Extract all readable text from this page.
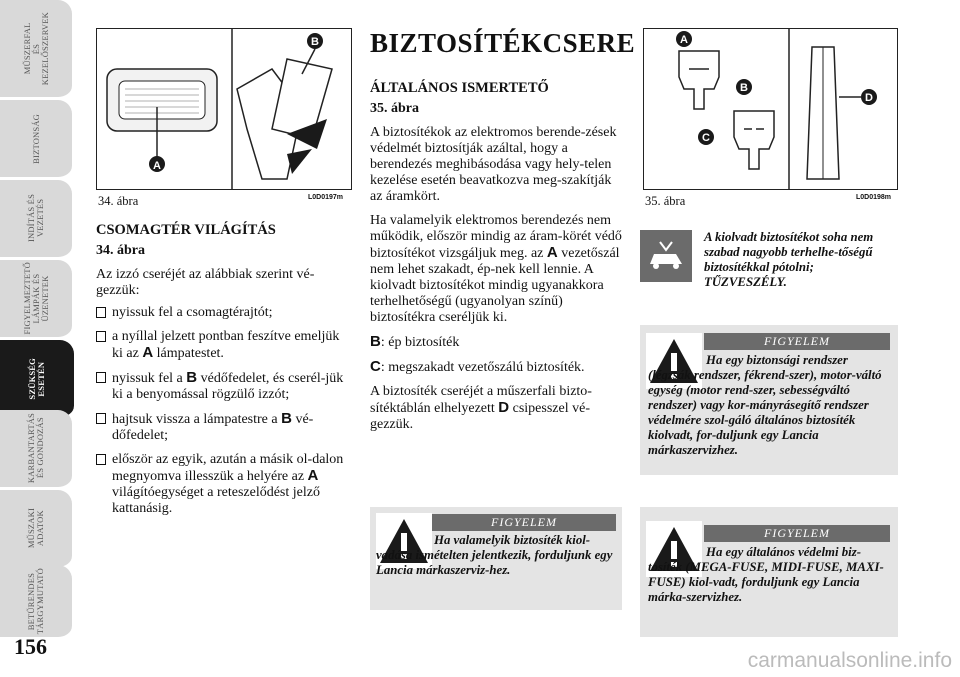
MŰSZERFAL
ÉS
KEZELŐSZERVEK
BIZTONSÁG
INDÍTÁS ÉS
VEZETÉS
FIGYELMEZTETŐ
LÁMPÁK ÉS
ÜZENETEK
SZÜKSÉG
ESETÉN
KARBANTARTÁS
ÉS GONDOZÁS
MŰSZAKI
ADATOK
BETŰRENDES
TÁRGYMUTATÓ
156
A
B
34. ábra	L0D0197m
A
B
C
D
35. ábra	L0D0198m
CSOMAGTÉR VILÁGÍTÁS
34. ábra
Az izzó cseréjét az alábbiak szerint vé-gezzük:
nyissuk fel a csomagtérajtót;
a nyíllal jelzett pontban feszítve emeljük ki az A lámpatestet.
nyissuk fel a B védőfedelet, és cserél-jük ki a benyomással rögzülő izzót;
hajtsuk vissza a lámpatestre a B vé-dőfedelet;
először az egyik, azután a másik ol-dalon megnyomva illesszük a helyére az A világítóegységet a reteszelődést jelző kattanásig.
BIZTOSÍTÉKCSERE
ÁLTALÁNOS ISMERTETŐ
35. ábra
A biztosítékok az elektromos berende-zések védelmét biztosítják azáltal, hogy a berendezés meghibásodása vagy hely-telen kezelése esetén beavatkozva meg-szakítják az áramkört.
Ha valamelyik elektromos berendezés nem működik, először mindig az áram-körét védő biztosítékot vizsgáljuk meg. az A vezetőszál nem lehet szakadt, ép-nek kell lennie. A kiolvadt biztosítékot mindig ugyanakkora terhelhetőségű (ugyanolyan színű) biztosítékra cseréljük ki.
B: ép biztosíték
C: megszakadt vezetőszálú biztosíték.
A biztosíték cseréjét a műszerfali bizto-sítéktáblán elhelyezett D csipesszel vé-gezzük.
A kiolvadt biztosítékot soha nem szabad nagyobb terhelhe-tőségű biztosítékkal pótolni; TŰZVESZÉLY.
FIGYELEM
Ha egy biztonsági rendszer (légzsák rendszer, fékrend-szer), motor-váltó egység (motor rend-szer, sebességváltó rendszer) vagy kor-mányrásegítő rendszer védelmére szol-gáló általános biztosíték kiolvadt, for-duljunk egy Lancia márkaszervizhez.
FIGYELEM
Ha valamelyik biztosíték kiol-vadása ismételten jelentkezik, forduljunk egy Lancia márkaszerviz-hez.
FIGYELEM
Ha egy általános védelmi biz-tosíték (MEGA-FUSE, MIDI-FUSE, MAXI-FUSE) kiol-vadt, forduljunk egy Lancia márka-szervizhez.
carmanualsonline.info
